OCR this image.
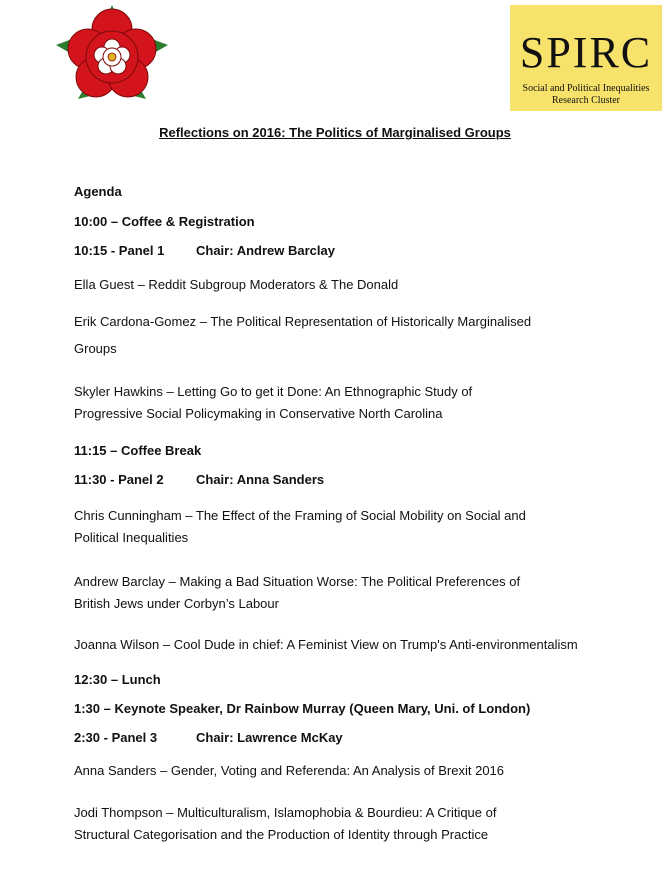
SPIRC
Social and Political Inequalities
Research Cluster
Reflections on 2016: The Politics of Marginalised Groups
Agenda
10:00 – Coffee & Registration
10:15 - Panel 1 Chair: Andrew Barclay
Ella Guest – Reddit Subgroup Moderators & The Donald
Erik Cardona-Gomez – The Political Representation of Historically Marginalised
Groups
Skyler Hawkins – Letting Go to get it Done: An Ethnographic Study of
Progressive Social Policymaking in Conservative North Carolina
11:15 – Coffee Break
11:30 - Panel 2 Chair: Anna Sanders
Chris Cunningham – The Effect of the Framing of Social Mobility on Social and
Political Inequalities
Andrew Barclay – Making a Bad Situation Worse: The Political Preferences of
British Jews under Corbyn’s Labour
Joanna Wilson – Cool Dude in chief: A Feminist View on Trump's Anti-environmentalism
12:30 – Lunch
1:30 – Keynote Speaker, Dr Rainbow Murray (Queen Mary, Uni. of London)
2:30 - Panel 3	Chair: Lawrence McKay
Anna Sanders – Gender, Voting and Referenda: An Analysis of Brexit 2016
Jodi Thompson – Multiculturalism, Islamophobia & Bourdieu: A Critique of
Structural Categorisation and the Production of Identity through Practice
